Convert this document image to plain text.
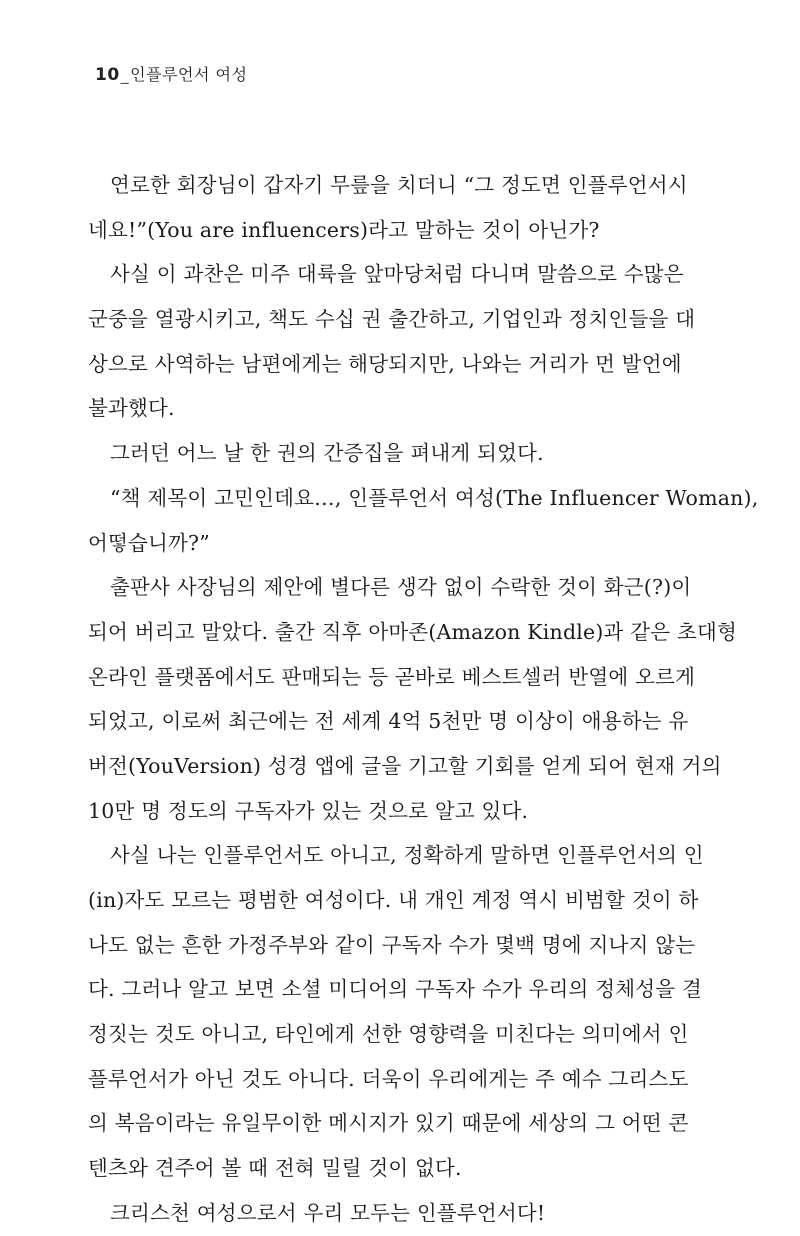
10_인플루언서 여성
연로한 회장님이 갑자기 무릎을 치더니 “그 정도면 인플루언서시
네요!”(You are influencers)라고 말하는 것이 아닌가?
사실 이 과찬은 미주 대륙을 앞마당처럼 다니며 말씀으로 수많은
군중을 열광시키고, 책도 수십 권 출간하고, 기업인과 정치인들을 대
상으로 사역하는 남편에게는 해당되지만, 나와는 거리가 먼 발언에
불과했다.
그러던 어느 날 한 권의 간증집을 펴내게 되었다.
“책 제목이 고민인데요…, 인플루언서 여성(The Influencer Woman),
어떻습니까?”
출판사 사장님의 제안에 별다른 생각 없이 수락한 것이 화근(?)이
되어 버리고 말았다. 출간 직후 아마존(Amazon Kindle)과 같은 초대형
온라인 플랫폼에서도 판매되는 등 곧바로 베스트셀러 반열에 오르게
되었고, 이로써 최근에는 전 세계 4억 5천만 명 이상이 애용하는 유
버전(YouVersion) 성경 앱에 글을 기고할 기회를 얻게 되어 현재 거의
10만 명 정도의 구독자가 있는 것으로 알고 있다.
사실 나는 인플루언서도 아니고, 정확하게 말하면 인플루언서의 인
(in)자도 모르는 평범한 여성이다. 내 개인 계정 역시 비범할 것이 하
나도 없는 흔한 가정주부와 같이 구독자 수가 몇백 명에 지나지 않는
다. 그러나 알고 보면 소셜 미디어의 구독자 수가 우리의 정체성을 결
정짓는 것도 아니고, 타인에게 선한 영향력을 미친다는 의미에서 인
플루언서가 아닌 것도 아니다. 더욱이 우리에게는 주 예수 그리스도
의 복음이라는 유일무이한 메시지가 있기 때문에 세상의 그 어떤 콘
텐츠와 견주어 볼 때 전혀 밀릴 것이 없다.
크리스천 여성으로서 우리 모두는 인플루언서다!
